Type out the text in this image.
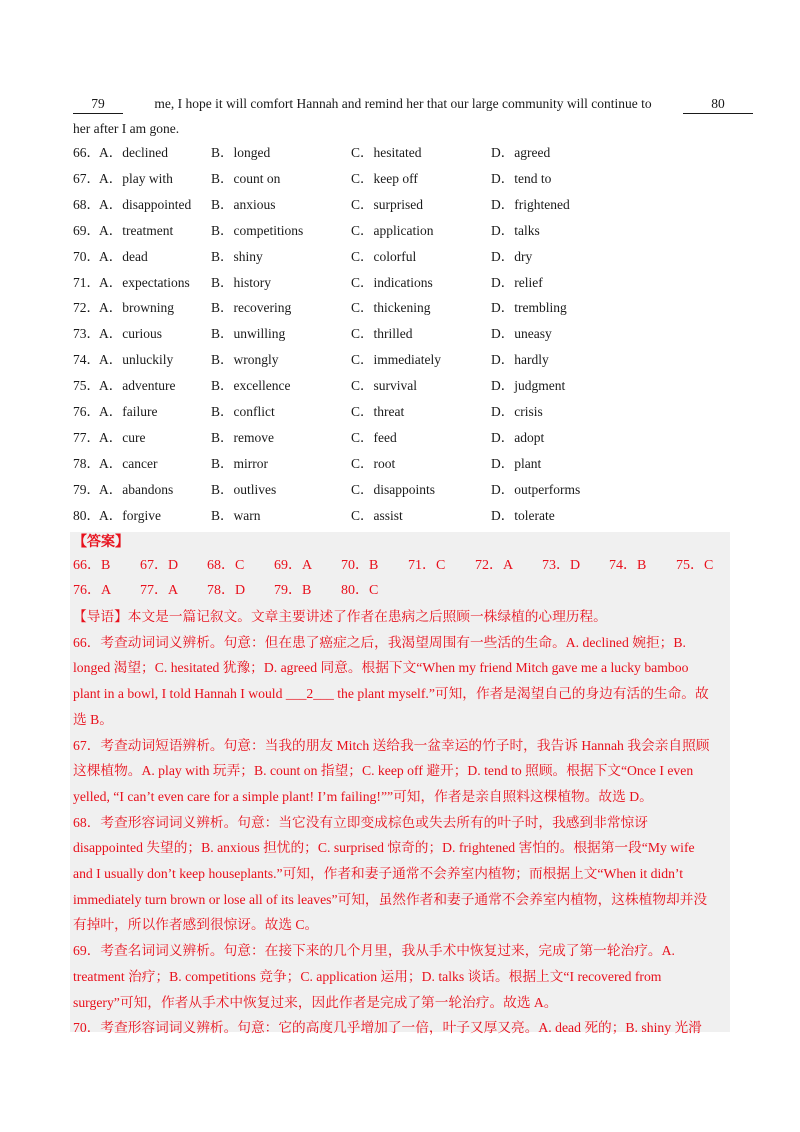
79	me, I hope it will comfort Hannah and remind her that our large community will continue to	80
her after I am gone.
66． A．declined	B．longed	C．hesitated	D．agreed
67． A．play with	B．count on	C．keep off	D．tend to
68． A．disappointed B．anxious	C．surprised	D．frightened
69． A．treatment	B．competitions	C．application	D．talks
70． A．dead	B．shiny	C．colorful	D．dry
71． A．expectations B．history	C．indications	D．relief
72． A．browning	B．recovering	C．thickening	D．trembling
73． A．curious	B．unwilling	C．thrilled	D．uneasy
74． A．unluckily	B．wrongly	C．immediately	D．hardly
75． A．adventure	B．excellence	C．survival	D．judgment
76． A．failure	B．conflict	C．threat	D．crisis
77． A．cure	B．remove	C．feed	D．adopt
78． A．cancer	B．mirror	C．root	D．plant
79． A．abandons	B．outlives	C．disappoints	D．outperforms
80． A．forgive	B．warn	C．assist	D．tolerate
【答案】
66．B 67．D 68．C 69．A 70．B 71．C 72．A 73．D 74．B 75．C
76．A 77．A 78．D 79．B 80．C
【导语】本文是一篇记叙文。文章主要讲述了作者在患病之后照顾一株绿植的心理历程。
66．考查动词词义辨析。句意：但在患了癌症之后，我渴望周围有一些活的生命。A. declined 婉拒；B.
longed 渴望；C. hesitated 犹豫；D. agreed 同意。根据下文“When my friend Mitch gave me a lucky bamboo
plant in a bowl, I told Hannah I would ___2___ the plant myself.”可知，作者是渴望自己的身边有活的生命。故
选 B。
67．考查动词短语辨析。句意：当我的朋友 Mitch 送给我一盆幸运的竹子时，我告诉 Hannah 我会亲自照顾
这棵植物。A. play with 玩弄；B. count on 指望；C. keep off 避开；D. tend to 照顾。根据下文“Once I even
yelled, “I can’t even care for a simple plant! I’m failing!””可知，作者是亲自照料这棵植物。故选 D。
68．考查形容词词义辨析。句意：当它没有立即变成棕色或失去所有的叶子时，我感到非常惊讶
disappointed 失望的；B. anxious 担忧的；C. surprised 惊奇的；D. frightened 害怕的。根据第一段“My wife
and I usually don’t keep houseplants.”可知，作者和妻子通常不会养室内植物；而根据上文“When it didn’t
immediately turn brown or lose all of its leaves”可知，虽然作者和妻子通常不会养室内植物，这株植物却并没
有掉叶，所以作者感到很惊讶。故选 C。
69．考查名词词义辨析。句意：在接下来的几个月里，我从手术中恢复过来，完成了第一轮治疗。A.
treatment 治疗；B. competitions 竞争；C. application 运用；D. talks 谈话。根据上文“I recovered from
surgery”可知，作者从手术中恢复过来，因此作者是完成了第一轮治疗。故选 A。
70．考查形容词词义辨析。句意：它的高度几乎增加了一倍，叶子又厚又亮。A. dead 死的；B. shiny 光滑
